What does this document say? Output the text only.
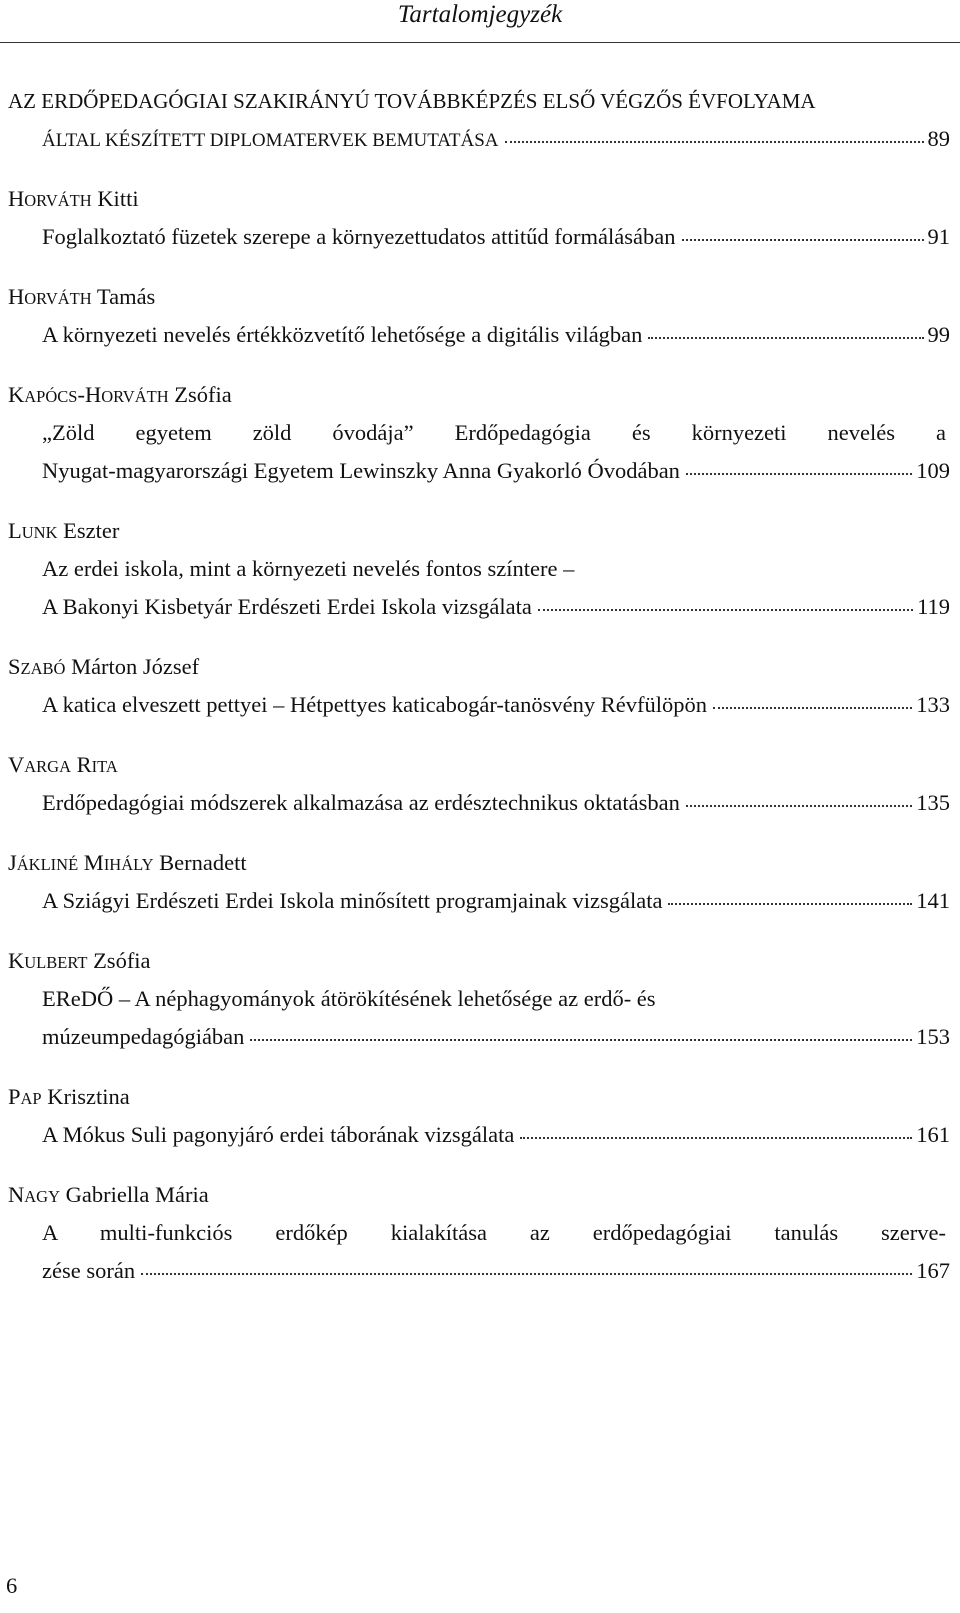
Tartalomjegyzék
AZ ERDŐPEDAGÓGIAI SZAKIRÁNYÚ TOVÁBBKÉPZÉS ELSŐ VÉGZŐS ÉVFOLYAMA
ÁLTAL KÉSZÍTETT DIPLOMATERVEK BEMUTATÁSA	89
HORVÁTH Kitti
Foglalkoztató füzetek szerepe a környezettudatos attitűd formálásában	91
HORVÁTH Tamás
A környezeti nevelés értékközvetítő lehetősége a digitális világban	99
KAPÓCS-HORVÁTH Zsófia
„Zöld egyetem zöld óvodája” Erdőpedagógia és környezeti nevelés a
Nyugat-magyarországi Egyetem Lewinszky Anna Gyakorló Óvodában	109
LUNK Eszter
Az erdei iskola, mint a környezeti nevelés fontos színtere –
A Bakonyi Kisbetyár Erdészeti Erdei Iskola vizsgálata	119
SZABÓ Márton József
A katica elveszett pettyei – Hétpettyes katicabogár-tanösvény Révfülöpön	133
VARGA RITA
Erdőpedagógiai módszerek alkalmazása az erdésztechnikus oktatásban	135
JÁKLINÉ MIHÁLY Bernadett
A Sziágyi Erdészeti Erdei Iskola minősített programjainak vizsgálata	141
KULBERT Zsófia
EReDŐ – A néphagyományok átörökítésének lehetősége az erdő- és
múzeumpedagógiában	153
PAP Krisztina
A Mókus Suli pagonyjáró erdei táborának vizsgálata	161
NAGY Gabriella Mária
A multi-funkciós erdőkép kialakítása az erdőpedagógiai tanulás szerve-
zése során	167
6
